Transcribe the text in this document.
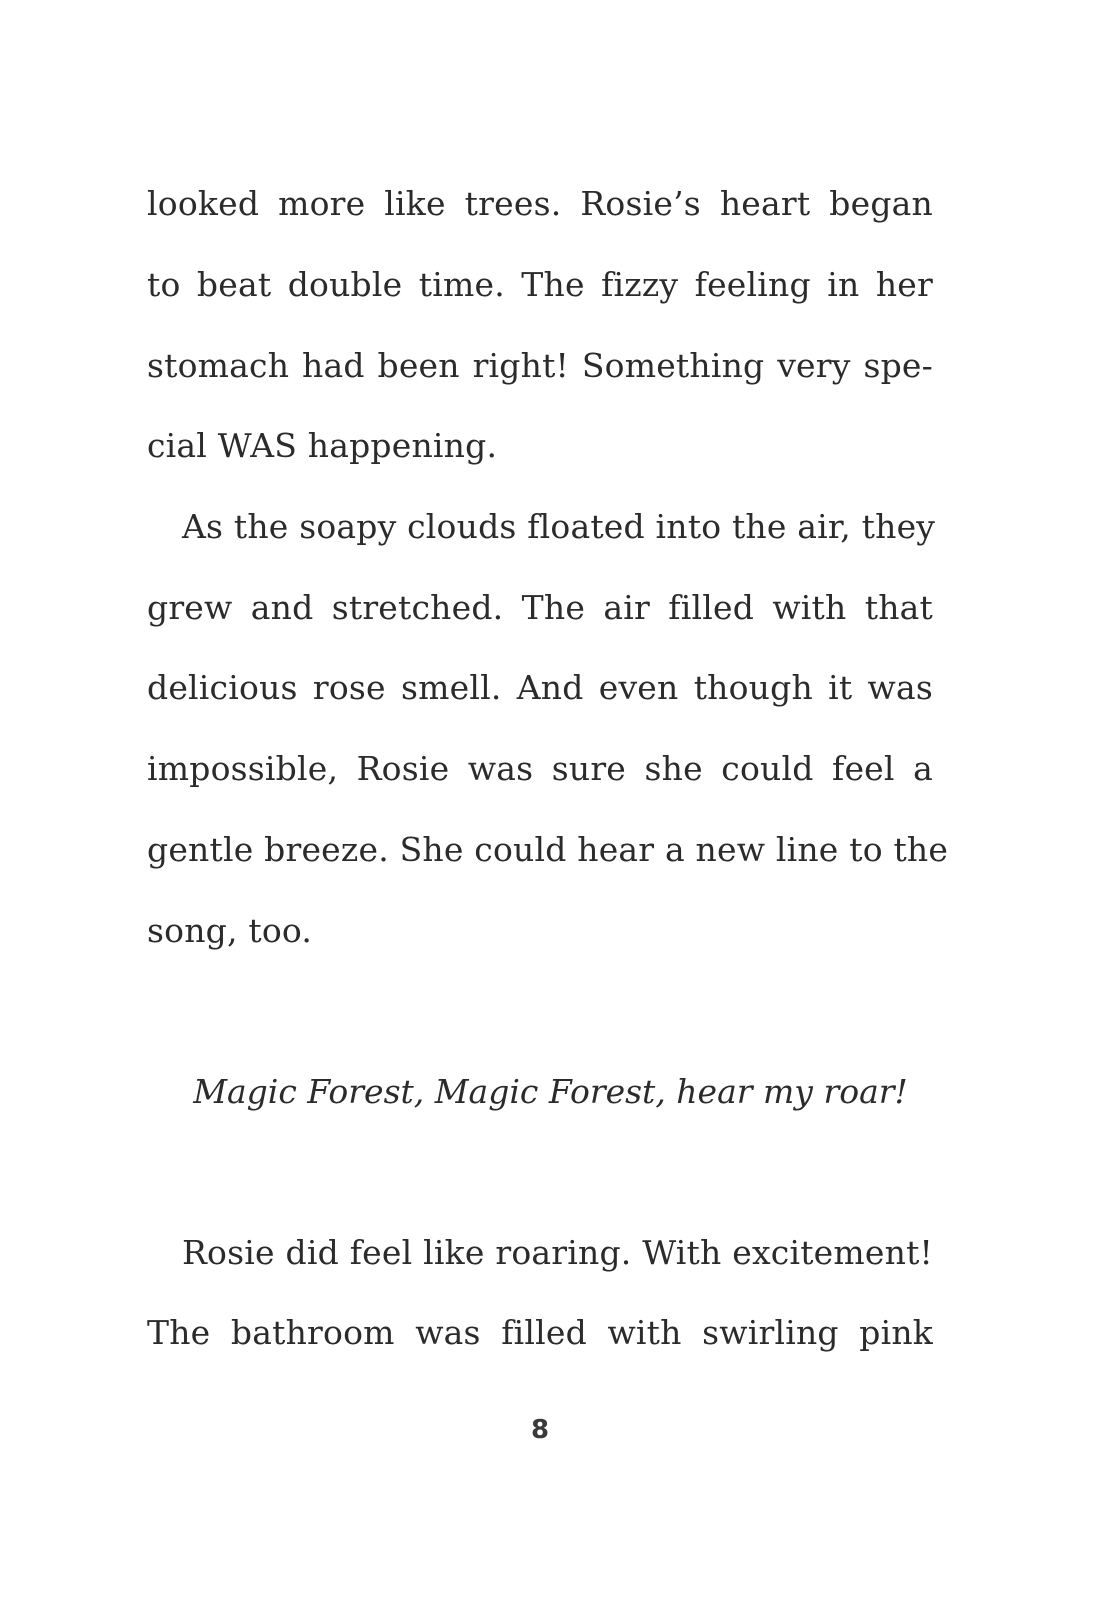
looked more like trees. Rosie’s heart began
to beat double time. The fizzy feeling in her
stomach had been right! Something very spe-
cial WAS happening.
As the soapy clouds floated into the air, they
grew and stretched. The air filled with that
delicious rose smell. And even though it was
impossible, Rosie was sure she could feel a
gentle breeze. She could hear a new line to the
song, too.
Magic Forest, Magic Forest, hear my roar!
Rosie did feel like roaring. With excitement!
The bathroom was filled with swirling pink
8
